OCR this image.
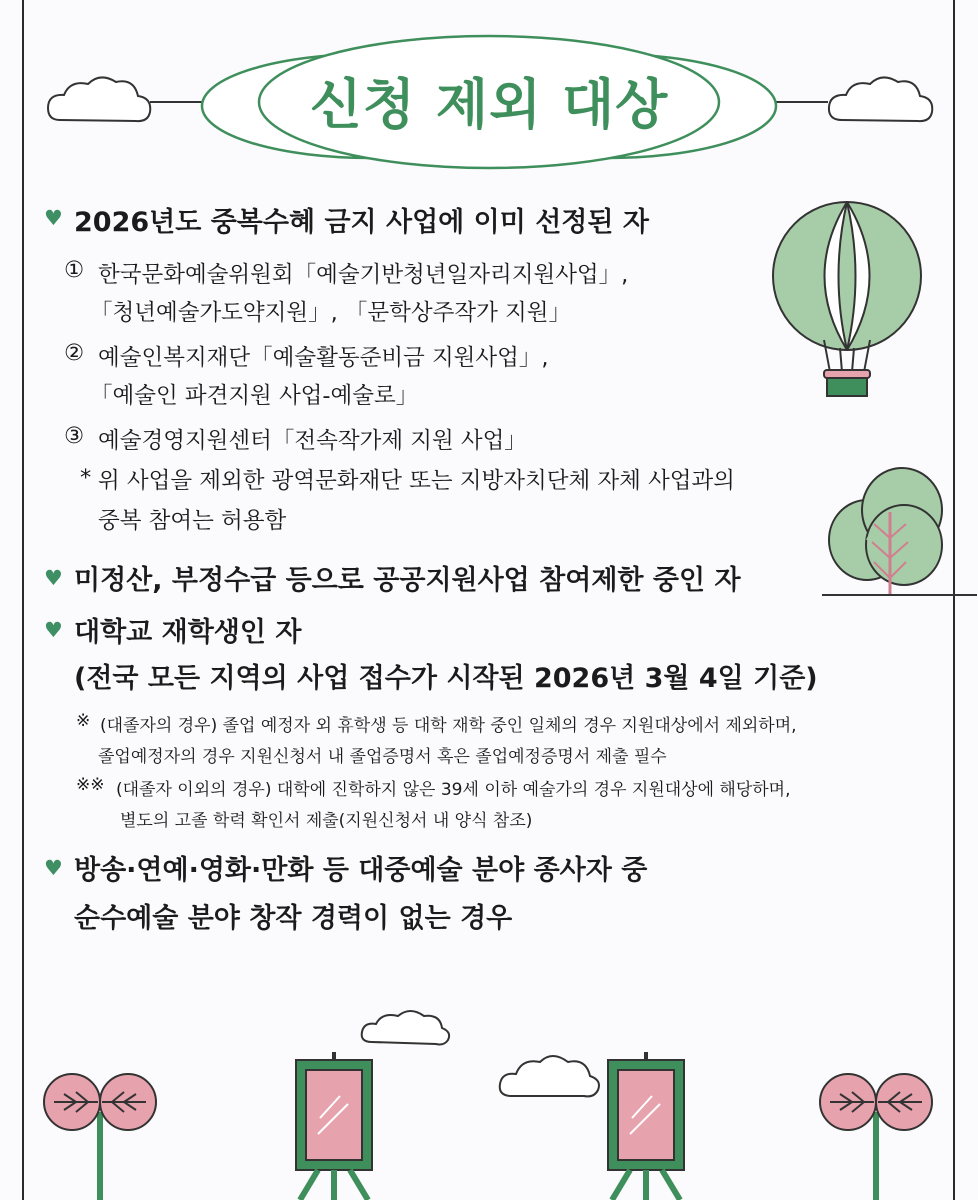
신청 제외 대상
♥ 2026년도 중복수혜 금지 사업에 이미 선정된 자
① 한국문화예술위원회「예술기반청년일자리지원사업」,
「청년예술가도약지원」, 「문학상주작가 지원」
② 예술인복지재단「예술활동준비금 지원사업」,
「예술인 파견지원 사업-예술로」
③ 예술경영지원센터「전속작가제 지원 사업」
* 위 사업을 제외한 광역문화재단 또는 지방자치단체 자체 사업과의
중복 참여는 허용함
♥ 미정산, 부정수급 등으로 공공지원사업 참여제한 중인 자
♥ 대학교 재학생인 자
(전국 모든 지역의 사업 접수가 시작된 2026년 3월 4일 기준)
※ (대졸자의 경우) 졸업 예정자 외 휴학생 등 대학 재학 중인 일체의 경우 지원대상에서 제외하며,
졸업예정자의 경우 지원신청서 내 졸업증명서 혹은 졸업예정증명서 제출 필수
※※ (대졸자 이외의 경우) 대학에 진학하지 않은 39세 이하 예술가의 경우 지원대상에 해당하며,
별도의 고졸 학력 확인서 제출(지원신청서 내 양식 참조)
♥ 방송·연예·영화·만화 등 대중예술 분야 종사자 중
순수예술 분야 창작 경력이 없는 경우
